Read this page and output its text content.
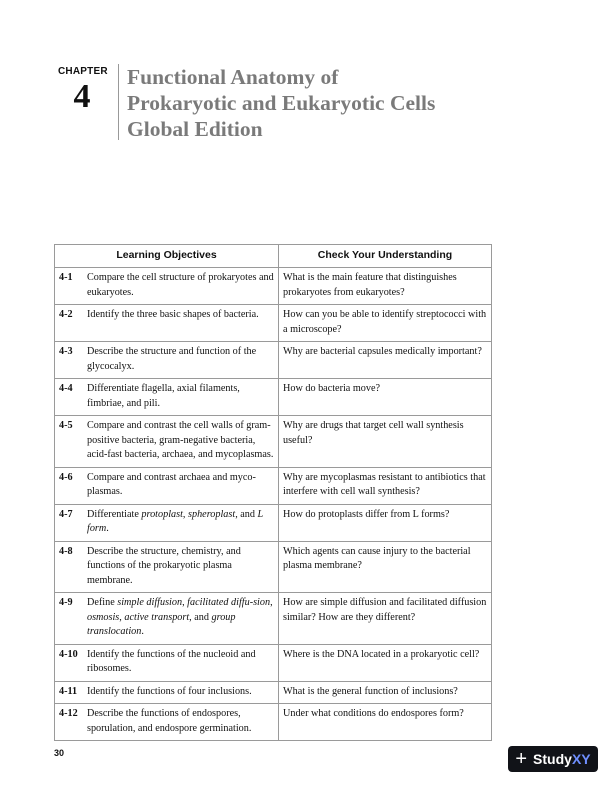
CHAPTER
4
Functional Anatomy of
Prokaryotic and Eukaryotic Cells
Global Edition
Learning Objectives	Check Your Understanding

4-1 Compare the cell structure of prokaryotes and eukaryotes.	What is the main feature that distinguishes prokaryotes from eukaryotes?

4-2 Identify the three basic shapes of bacteria.	How can you be able to identify streptococci with a microscope?

4-3 Describe the structure and function of the glycocalyx.	Why are bacterial capsules medically important?

4-4 Differentiate flagella, axial filaments, fimbriae, and pili.	How do bacteria move?

4-5 Compare and contrast the cell walls of gram-positive bacteria, gram-negative bacteria, acid-fast bacteria, archaea, and mycoplasmas.	Why are drugs that target cell wall synthesis useful?

4-6 Compare and contrast archaea and myco-plasmas.	Why are mycoplasmas resistant to antibiotics that interfere with cell wall synthesis?

4-7 Differentiate protoplast, spheroplast, and L form.	How do protoplasts differ from L forms?

4-8 Describe the structure, chemistry, and functions of the prokaryotic plasma membrane.	Which agents can cause injury to the bacterial plasma membrane?

4-9 Define simple diffusion, facilitated diffu-sion, osmosis, active transport, and group translocation.	How are simple diffusion and facilitated diffusion similar? How are they different?

4-10 Identify the functions of the nucleoid and ribosomes.	Where is the DNA located in a prokaryotic cell?

4-11 Identify the functions of four inclusions.	What is the general function of inclusions?

4-12 Describe the functions of endospores, sporulation, and endospore germination.	Under what conditions do endospores form?
30	+ Study XY
